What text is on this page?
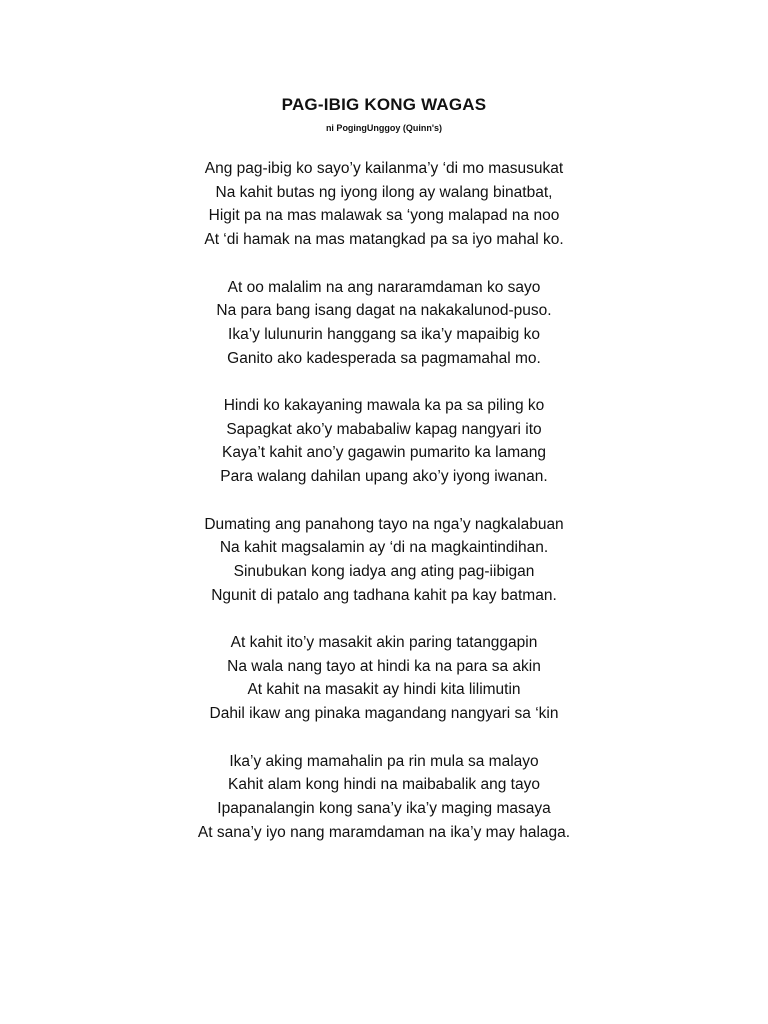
PAG-IBIG KONG WAGAS
ni PogingUnggoy (Quinn's)
Ang pag-ibig ko sayo’y kailanma’y ‘di mo masusukat
Na kahit butas ng iyong ilong ay walang binatbat,
Higit pa na mas malawak sa ‘yong malapad na noo
At ‘di hamak na mas matangkad pa sa iyo mahal ko.
At oo malalim na ang nararamdaman ko sayo
Na para bang isang dagat na nakakalunod-puso.
Ika’y lulunurin hanggang sa ika’y mapaibig ko
Ganito ako kadesperada sa pagmamahal mo.
Hindi ko kakayaning mawala ka pa sa piling ko
Sapagkat ako’y mababaliw kapag nangyari ito
Kaya’t kahit ano’y gagawin pumarito ka lamang
Para walang dahilan upang ako’y iyong iwanan.
Dumating ang panahong tayo na nga’y nagkalabuan
Na kahit magsalamin ay ‘di na magkaintindihan.
Sinubukan kong iadya ang ating pag-iibigan
Ngunit di patalo ang tadhana kahit pa kay batman.
At kahit ito’y masakit akin paring tatanggapin
Na wala nang tayo at hindi ka na para sa akin
At kahit na masakit ay hindi kita lilimutin
Dahil ikaw ang pinaka magandang nangyari sa ‘kin
Ika’y aking mamahalin pa rin mula sa malayo
Kahit alam kong hindi na maibabalik ang tayo
Ipapanalangin kong sana’y ika’y maging masaya
At sana’y iyo nang maramdaman na ika’y may halaga.
